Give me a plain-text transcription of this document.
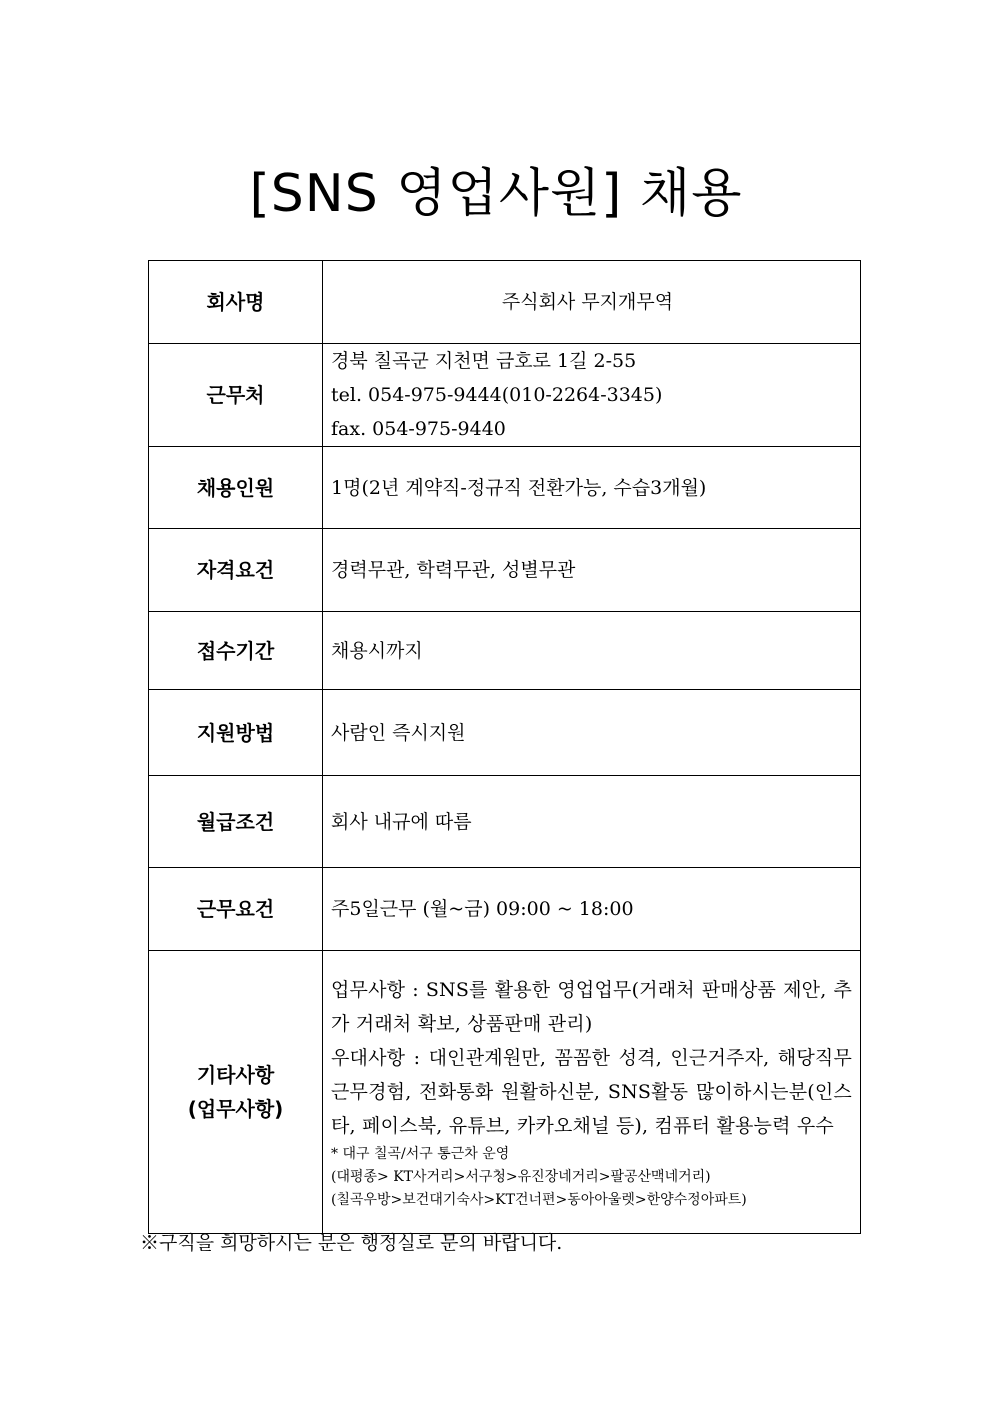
[SNS 영업사원] 채용
회사명	주식회사 무지개무역
근무처	경북 칠곡군 지천면 금호로 1길 2-55
tel. 054-975-9444(010-2264-3345)
fax. 054-975-9440

채용인원	1명(2년 계약직-정규직 전환가능, 수습3개월)
자격요건	경력무관, 학력무관, 성별무관
접수기간	채용시까지
지원방법	사람인 즉시지원
월급조건	회사 내규에 따름
근무요건	주5일근무 (월~금) 09:00 ~ 18:00

기타사항
(업무사항)	업무사항 : SNS를 활용한 영업업무(거래처 판매상품 제안, 추가 거래처 확보, 상품판매 관리)
우대사항 : 대인관계원만, 꼼꼼한 성격, 인근거주자, 해당직무 근무경험, 전화통화 원활하신분, SNS활동 많이하시는분(인스타, 페이스북, 유튜브, 카카오채널 등), 컴퓨터 활용능력 우수
* 대구 칠곡/서구 통근차 운영
(대평종> KT사거리>서구청>유진장네거리>팔공산맥네거리)
(칠곡우방>보건대기숙사>KT건너편>동아아울렛>한양수정아파트)
※구직을 희망하시는 분은 행정실로 문의 바랍니다.
